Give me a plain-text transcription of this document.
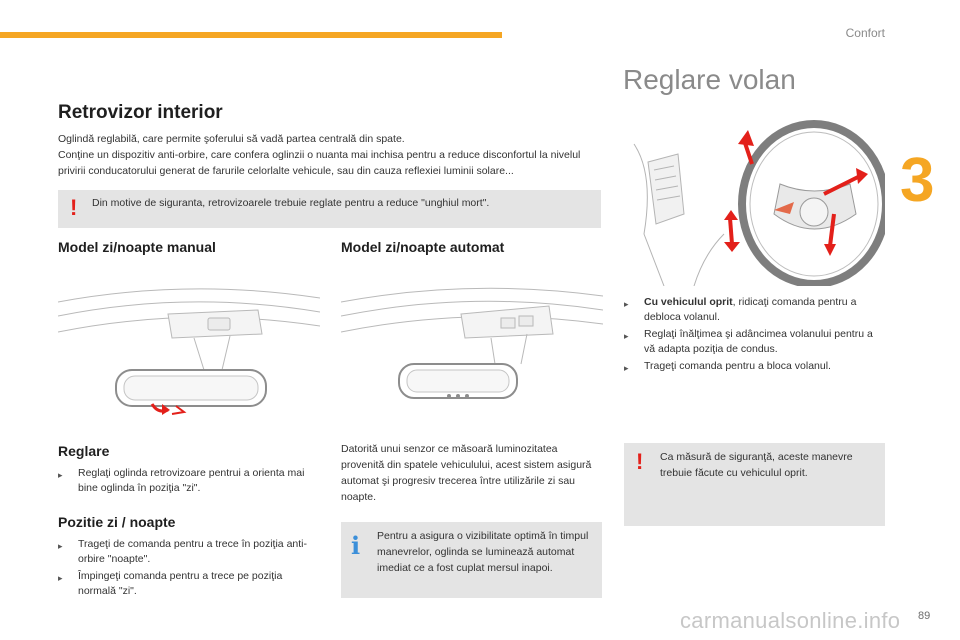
Confort
3
carmanualsonline.info 89
Retrovizor interior
Oglindă reglabilă, care permite şoferului să vadă partea centrală din spate.
Conţine un dispozitiv anti-orbire, care confera oglinzii o nuanta mai inchisa pentru a reduce disconfortul la nivelul privirii conducatorului generat de farurile celorlalte vehicule, sau din cauza reflexiei luminii solare...
! Din motive de siguranta, retrovizoarele trebuie reglate pentru a reduce "unghiul mort".
Model zi/noapte manual	Model zi/noapte automat
Reglare
▸	Reglaţi oglinda retrovizoare pentrui a orienta mai bine oglinda în poziţia "zi".
Pozitie zi / noapte
▸	Trageţi de comanda pentru a trece în poziţia anti-orbire "noapte".
▸	Împingeţi comanda pentru a trece pe poziţia normală "zi".
Datorită unui senzor ce măsoară luminozitatea provenită din spatele vehiculului, acest sistem asigură automat şi progresiv trecerea între utilizările zi sau noapte.
i Pentru a asigura o vizibilitate optimă în timpul manevrelor, oglinda se luminează automat imediat ce a fost cuplat mersul inapoi.
Reglare volan
▸	Cu vehiculul oprit, ridicaţi comanda pentru a debloca volanul.
▸	Reglaţi înălţimea şi adâncimea volanului pentru a vă adapta poziţia de condus.
▸	Trageţi comanda pentru a bloca volanul.
! Ca măsură de siguranţă, aceste manevre trebuie făcute cu vehiculul oprit.
